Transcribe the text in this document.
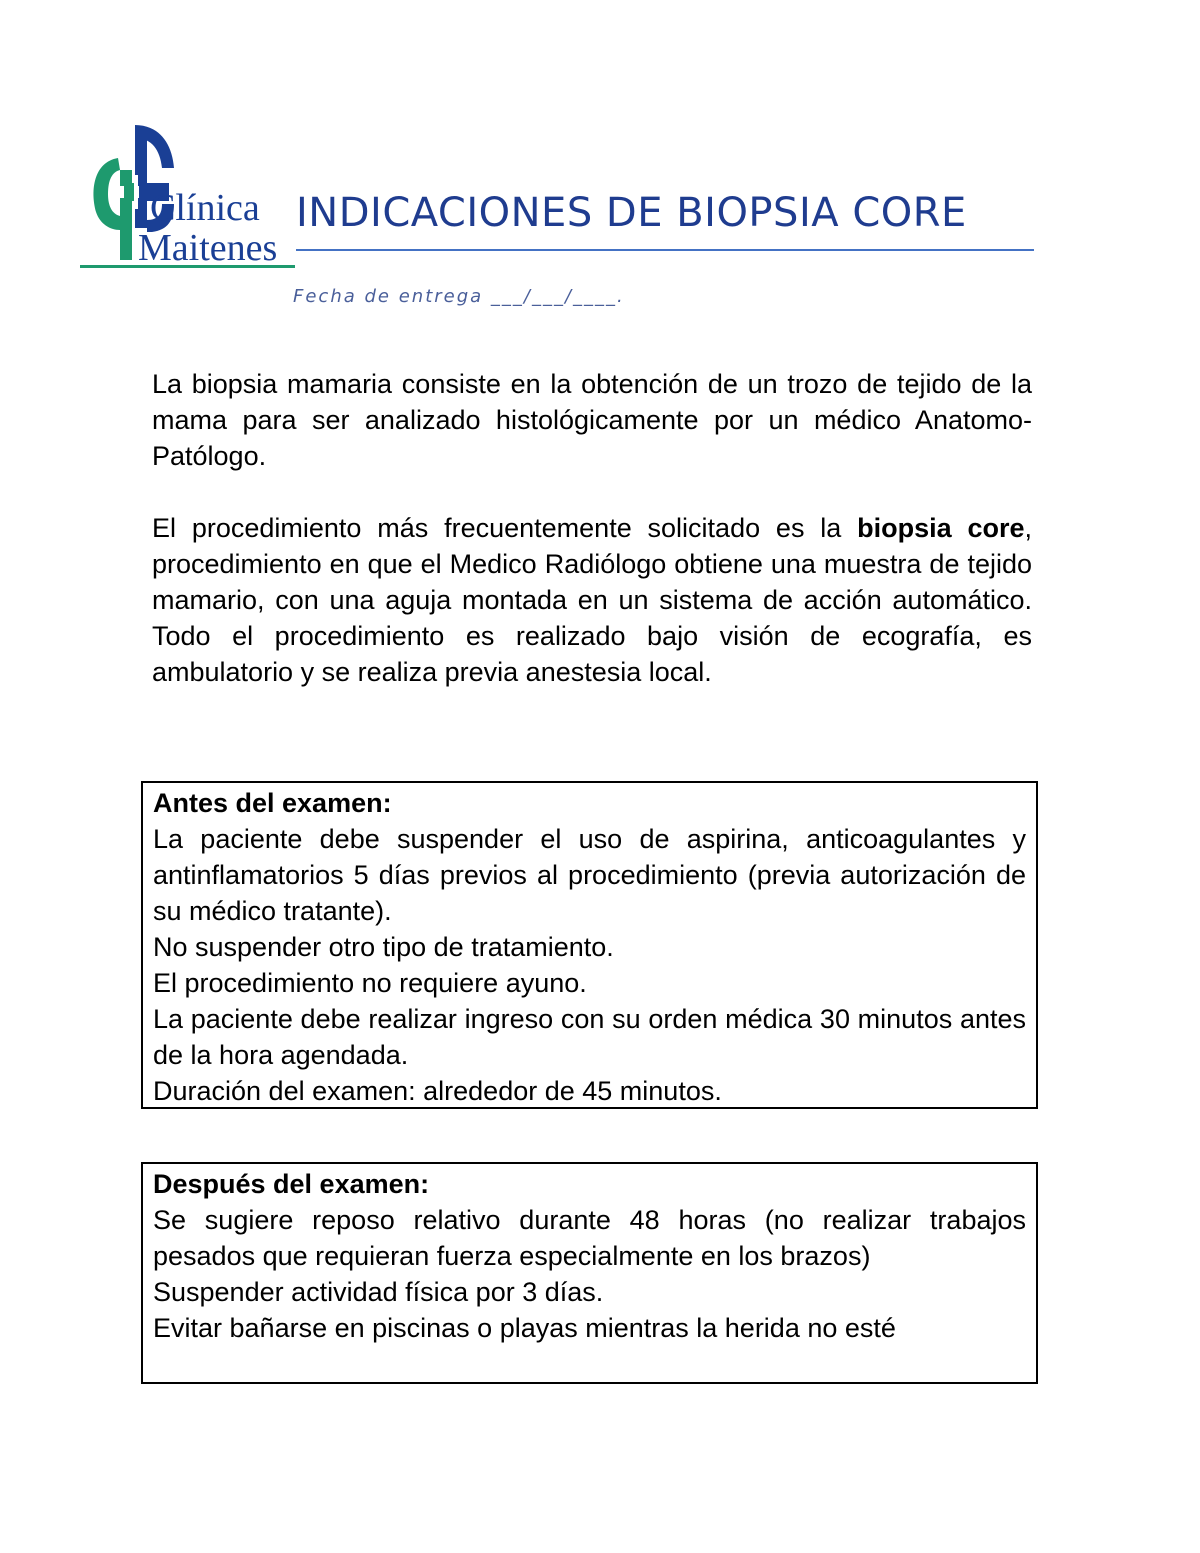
Clínica
Maitenes
INDICACIONES DE BIOPSIA CORE
Fecha de entrega ___/___/____.
La biopsia mamaria consiste en la obtención de un trozo de tejido de la mama para ser analizado histológicamente por un médico Anatomo-Patólogo.
El procedimiento más frecuentemente solicitado es la biopsia core, procedimiento en que el Medico Radiólogo obtiene una muestra de tejido mamario, con una aguja montada en un sistema de acción automático. Todo el procedimiento es realizado bajo visión de ecografía, es ambulatorio y se realiza previa anestesia local.
Antes del examen:
La paciente debe suspender el uso de aspirina, anticoagulantes y antinflamatorios 5 días previos al procedimiento (previa autorización de su médico tratante).
No suspender otro tipo de tratamiento.
El procedimiento no requiere ayuno.
La paciente debe realizar ingreso con su orden médica 30 minutos antes de la hora agendada.
Duración del examen: alrededor de 45 minutos.
Después del examen:
Se sugiere reposo relativo durante 48 horas (no realizar trabajos pesados que requieran fuerza especialmente en los brazos)
Suspender actividad física por 3 días.
Evitar bañarse en piscinas o playas mientras la herida no esté
